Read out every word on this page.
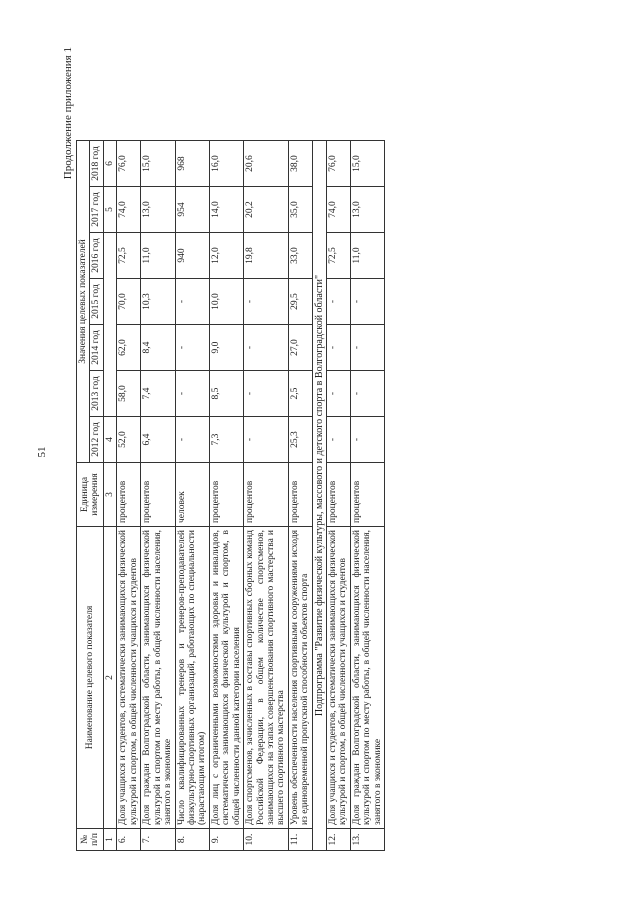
51
Продолжение приложения 1
№ п/п	Наименование целевого показателя	Единица измерения	Значения целевых показателей						
			2012 год	2013 год	2014 год	2015 год	2016 год	2017 год	2018 год
1	2	3	4					5	6
6.	Доля учащихся и студентов, систематически занимающихся физической культурой и спортом, в общей численности учащихся и студентов	процентов	52,0	58,0	62,0	70,0	72,5	74,0	76,0
7.	Доля граждан Волгоградской области, занимающихся физической культурой и спортом по месту работы, в общей численности населения, занятого в экономике	процентов	6,4	7,4	8,4	10,3	11,0	13,0	15,0
8.	Число квалифицированных тренеров и тренеров-преподавателей физкультурно-спортивных организаций, работающих по специальности (нарастающим итогом)	человек	-	-	-	-	940	954	968
9.	Доля лиц с ограниченными возможностями здоровья и инвалидов, систематически занимающихся физической культурой и спортом, в общей численности данной категории населения	процентов	7,3	8,5	9,0	10,0	12,0	14,0	16,0
10.	Доля спортсменов, зачисленных в составы спортивных сборных команд Российской Федерации, в общем количестве спортсменов, занимающихся на этапах совершенствования спортивного мастерства и высшего спортивного мастерства	процентов	-	-	-	-	19,8	20,2	20,6
11.	Уровень обеспеченности населения спортивными сооружениями исходя из единовременной пропускной способности объектов спорта	процентов	25,3	2,5	27,0	29,5	33,0	35,0	38,0
Подпрограмма "Развитие физической культуры, массового и детского спорта в Волгоградской области"									
12.	Доля учащихся и студентов, систематически занимающихся физической культурой и спортом, в общей численности учащихся и студентов	процентов	-	-	-	-	72,5	74,0	76,0
13.	Доля граждан Волгоградской области, занимающихся физической культурой и спортом по месту работы, в общей численности населения, занятого в экономике	процентов	-	-	-	-	11,0	13,0	15,0
